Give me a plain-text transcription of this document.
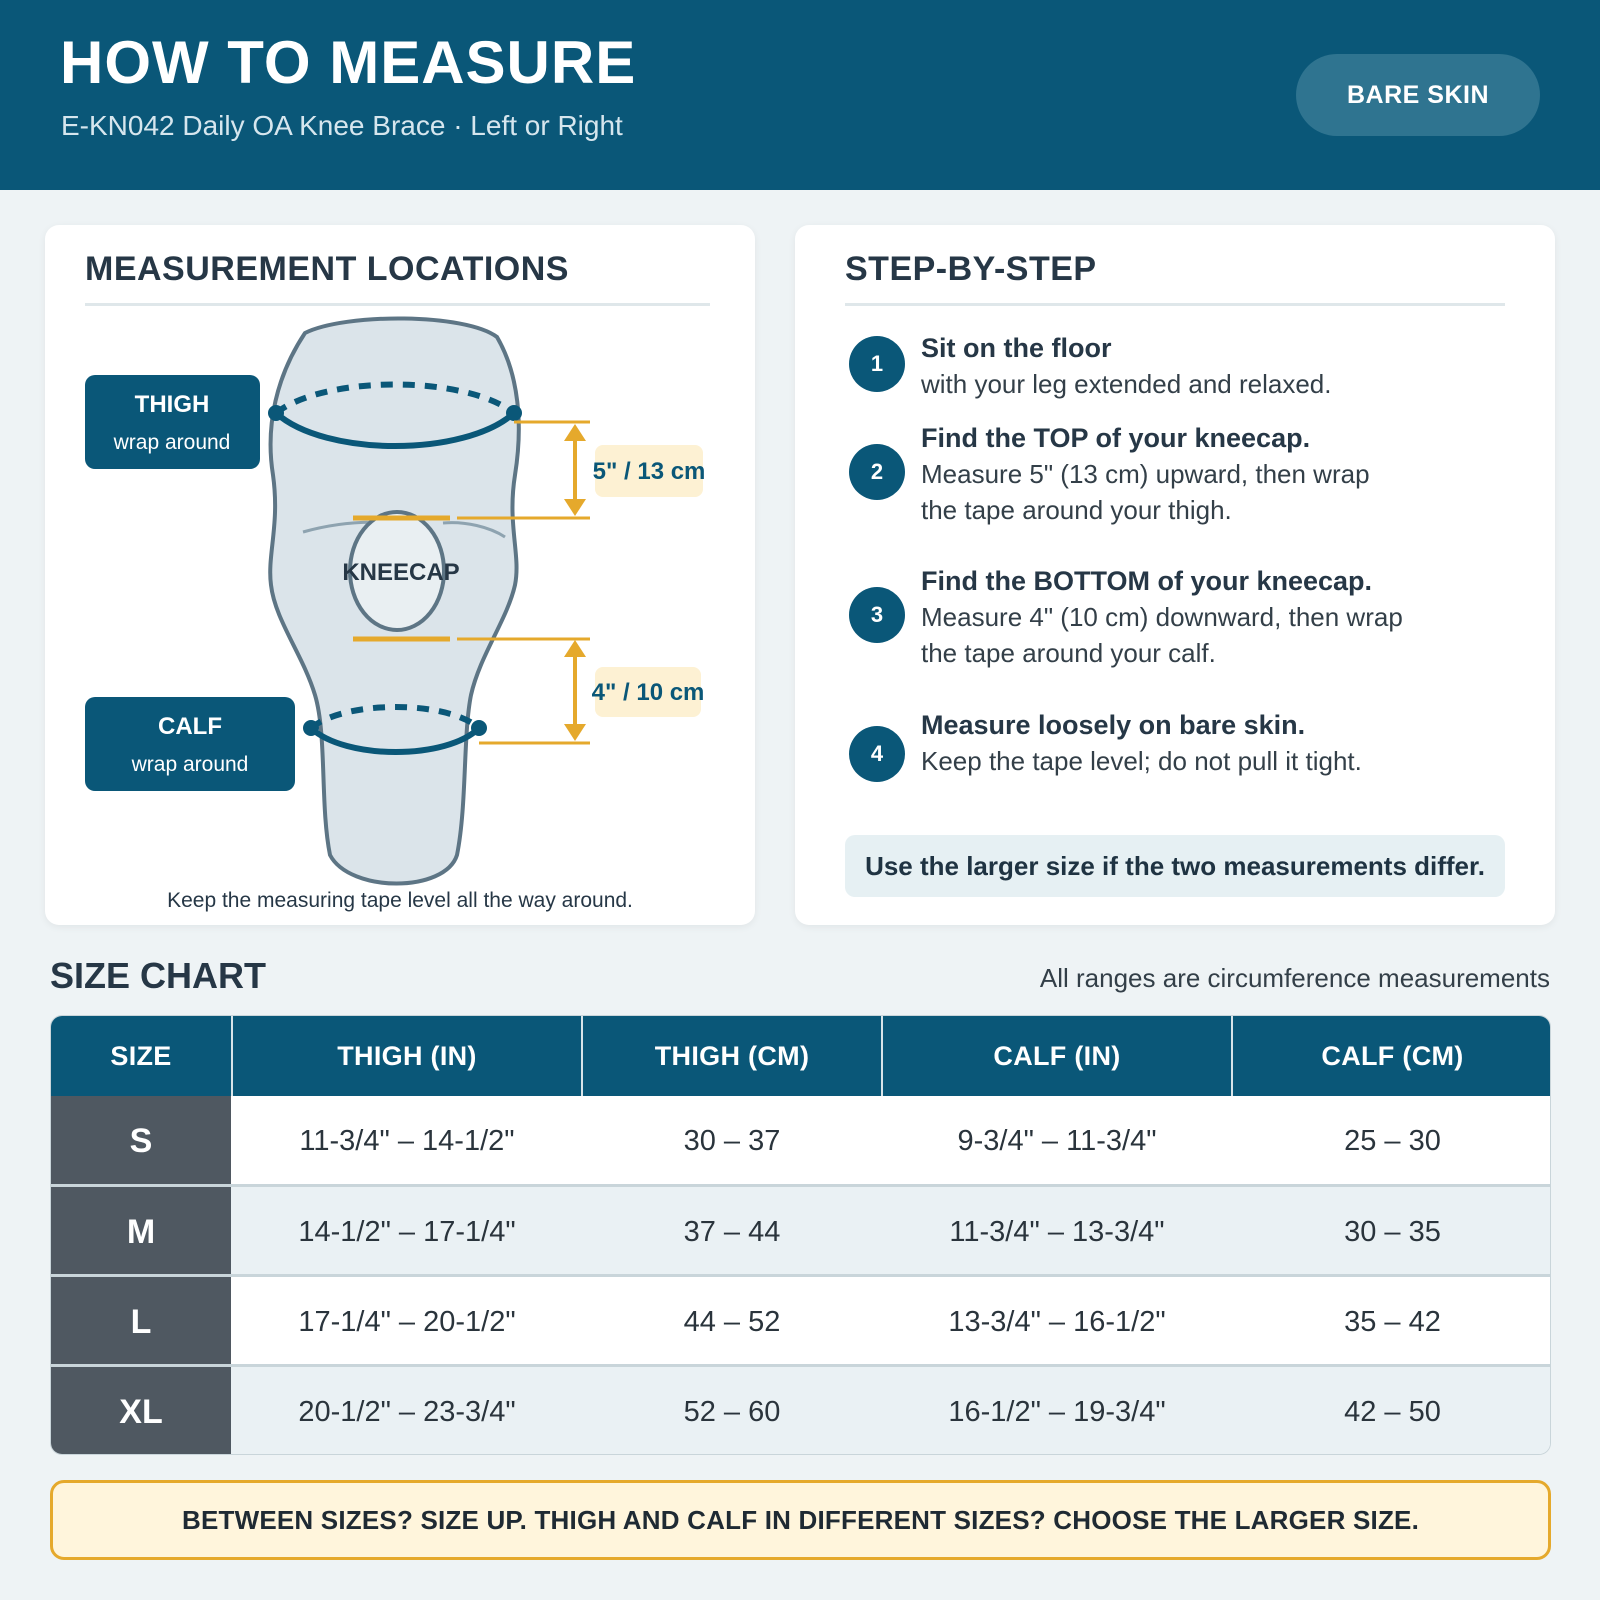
HOW TO MEASURE
E-KN042 Daily OA Knee Brace · Left or Right
BARE SKIN
MEASUREMENT LOCATIONS
5" / 13 cm
4" / 10 cm
KNEECAP
THIGH
wrap around
CALF
wrap around
Keep the measuring tape level all the way around.
STEP-BY-STEP
1
Sit on the floor
with your leg extended and relaxed.
2
Find the TOP of your kneecap.
Measure 5" (13 cm) upward, then wrap the tape around your thigh.
3
Find the BOTTOM of your kneecap.
Measure 4" (10 cm) downward, then wrap the tape around your calf.
4
Measure loosely on bare skin.
Keep the tape level; do not pull it tight.
Use the larger size if the two measurements differ.
SIZE CHART	All ranges are circumference measurements
SIZE	THIGH (IN)	THIGH (CM)	CALF (IN)	CALF (CM)
S	11-3/4" – 14-1/2"	30 – 37	9-3/4" – 11-3/4"	25 – 30
M	14-1/2" – 17-1/4"	37 – 44	11-3/4" – 13-3/4"	30 – 35
L	17-1/4" – 20-1/2"	44 – 52	13-3/4" – 16-1/2"	35 – 42
XL	20-1/2" – 23-3/4"	52 – 60	16-1/2" – 19-3/4"	42 – 50
BETWEEN SIZES? SIZE UP. THIGH AND CALF IN DIFFERENT SIZES? CHOOSE THE LARGER SIZE.
